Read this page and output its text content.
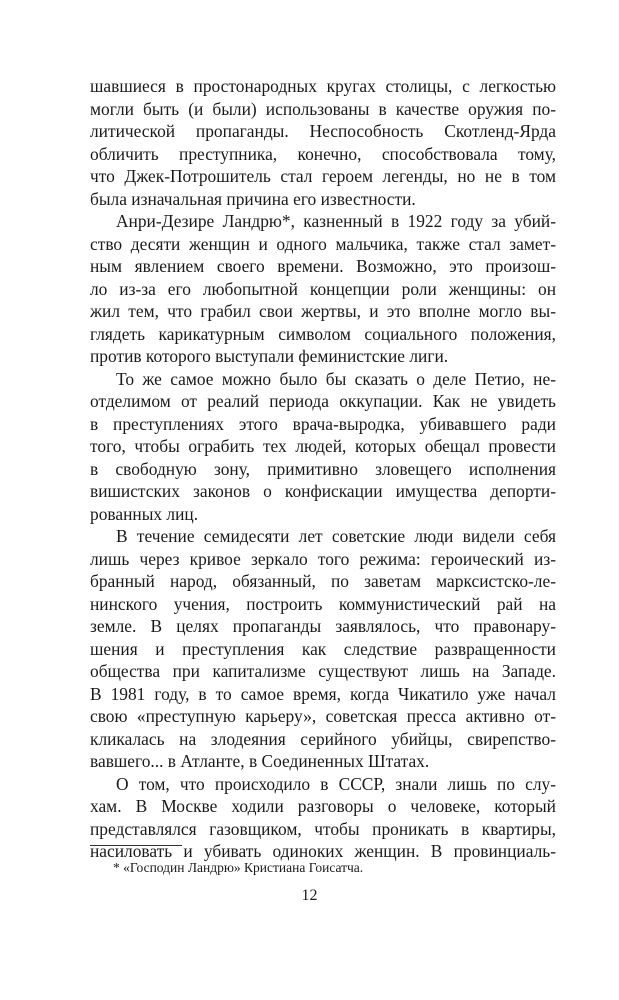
шавшиеся в простонародных кругах столицы, с легкостью
могли быть (и были) использованы в качестве оружия по-
литической пропаганды. Неспособность Скотленд-Ярда
обличить преступника, конечно, способствовала тому,
что Джек-Потрошитель стал героем легенды, но не в том
была изначальная причина его известности.
Анри-Дезире Ландрю*, казненный в 1922 году за убий-
ство десяти женщин и одного мальчика, также стал замет-
ным явлением своего времени. Возможно, это произош-
ло из-за его любопытной концепции роли женщины: он
жил тем, что грабил свои жертвы, и это вполне могло вы-
глядеть карикатурным символом социального положения,
против которого выступали феминистские лиги.
То же самое можно было бы сказать о деле Петио, не-
отделимом от реалий периода оккупации. Как не увидеть
в преступлениях этого врача-выродка, убивавшего ради
того, чтобы ограбить тех людей, которых обещал провести
в свободную зону, примитивно зловещего исполнения
вишистских законов о конфискации имущества депорти-
рованных лиц.
В течение семидесяти лет советские люди видели себя
лишь через кривое зеркало того режима: героический из-
бранный народ, обязанный, по заветам марксистско-ле-
нинского учения, построить коммунистический рай на
земле. В целях пропаганды заявлялось, что правонару-
шения и преступления как следствие развращенности
общества при капитализме существуют лишь на Западе.
В 1981 году, в то самое время, когда Чикатило уже начал
свою «преступную карьеру», советская пресса активно от-
кликалась на злодеяния серийного убийцы, свирепство-
вавшего... в Атланте, в Соединенных Штатах.
О том, что происходило в СССР, знали лишь по слу-
хам. В Москве ходили разговоры о человеке, который
представлялся газовщиком, чтобы проникать в квартиры,
насиловать и убивать одиноких женщин. В провинциаль-
* «Господин Ландрю» Кристиана Гоисатча.
12
